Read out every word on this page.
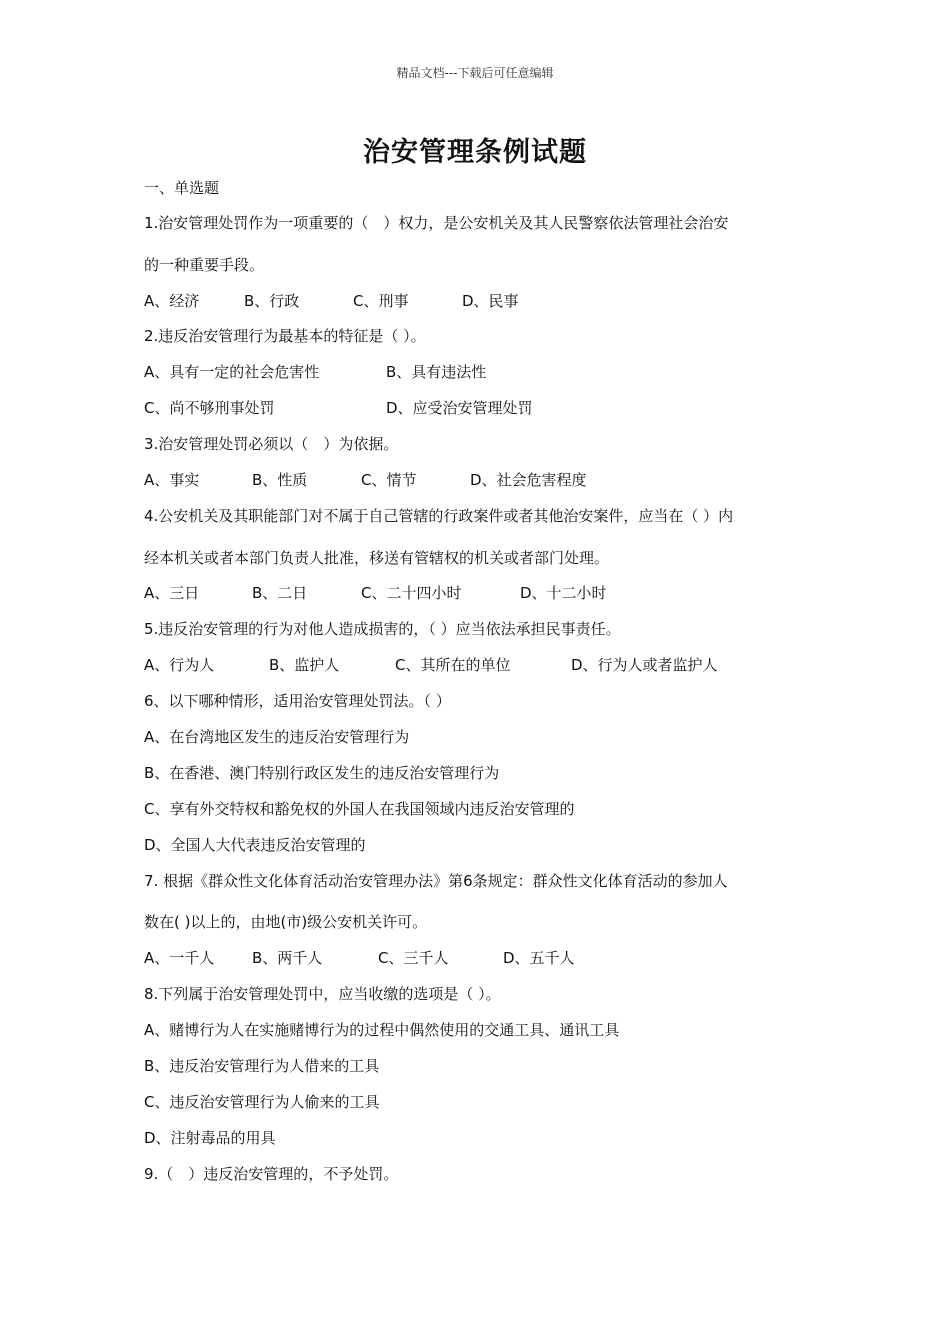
精品文档---下载后可任意编辑
治安管理条例试题
一、单选题
1.治安管理处罚作为一项重要的（　）权力，是公安机关及其人民警察依法管理社会治安
的一种重要手段。
A、经济	B、行政	C、刑事	D、民事
2.违反治安管理行为最基本的特征是（ ）。
A、具有一定的社会危害性	B、具有违法性
C、尚不够刑事处罚	D、应受治安管理处罚
3.治安管理处罚必须以（　）为依据。
A、事实	B、性质	C、情节	D、社会危害程度
4.公安机关及其职能部门对不属于自己管辖的行政案件或者其他治安案件，应当在（ ）内
经本机关或者本部门负责人批准，移送有管辖权的机关或者部门处理。
A、三日	B、二日	C、二十四小时	D、十二小时
5.违反治安管理的行为对他人造成损害的，（ ）应当依法承担民事责任。
A、行为人	B、监护人	C、其所在的单位	D、行为人或者监护人
6、以下哪种情形，适用治安管理处罚法。（ ）
A、在台湾地区发生的违反治安管理行为
B、在香港、澳门特别行政区发生的违反治安管理行为
C、享有外交特权和豁免权的外国人在我国领域内违反治安管理的
D、全国人大代表违反治安管理的
7. 根据《群众性文化体育活动治安管理办法》第6条规定：群众性文化体育活动的参加人
数在( )以上的，由地(市)级公安机关许可。
A、一千人	B、两千人	C、三千人	D、五千人
8.下列属于治安管理处罚中，应当收缴的选项是（ ）。
A、赌博行为人在实施赌博行为的过程中偶然使用的交通工具、通讯工具
B、违反治安管理行为人借来的工具
C、违反治安管理行为人偷来的工具
D、注射毒品的用具
9.（　）违反治安管理的，不予处罚。
